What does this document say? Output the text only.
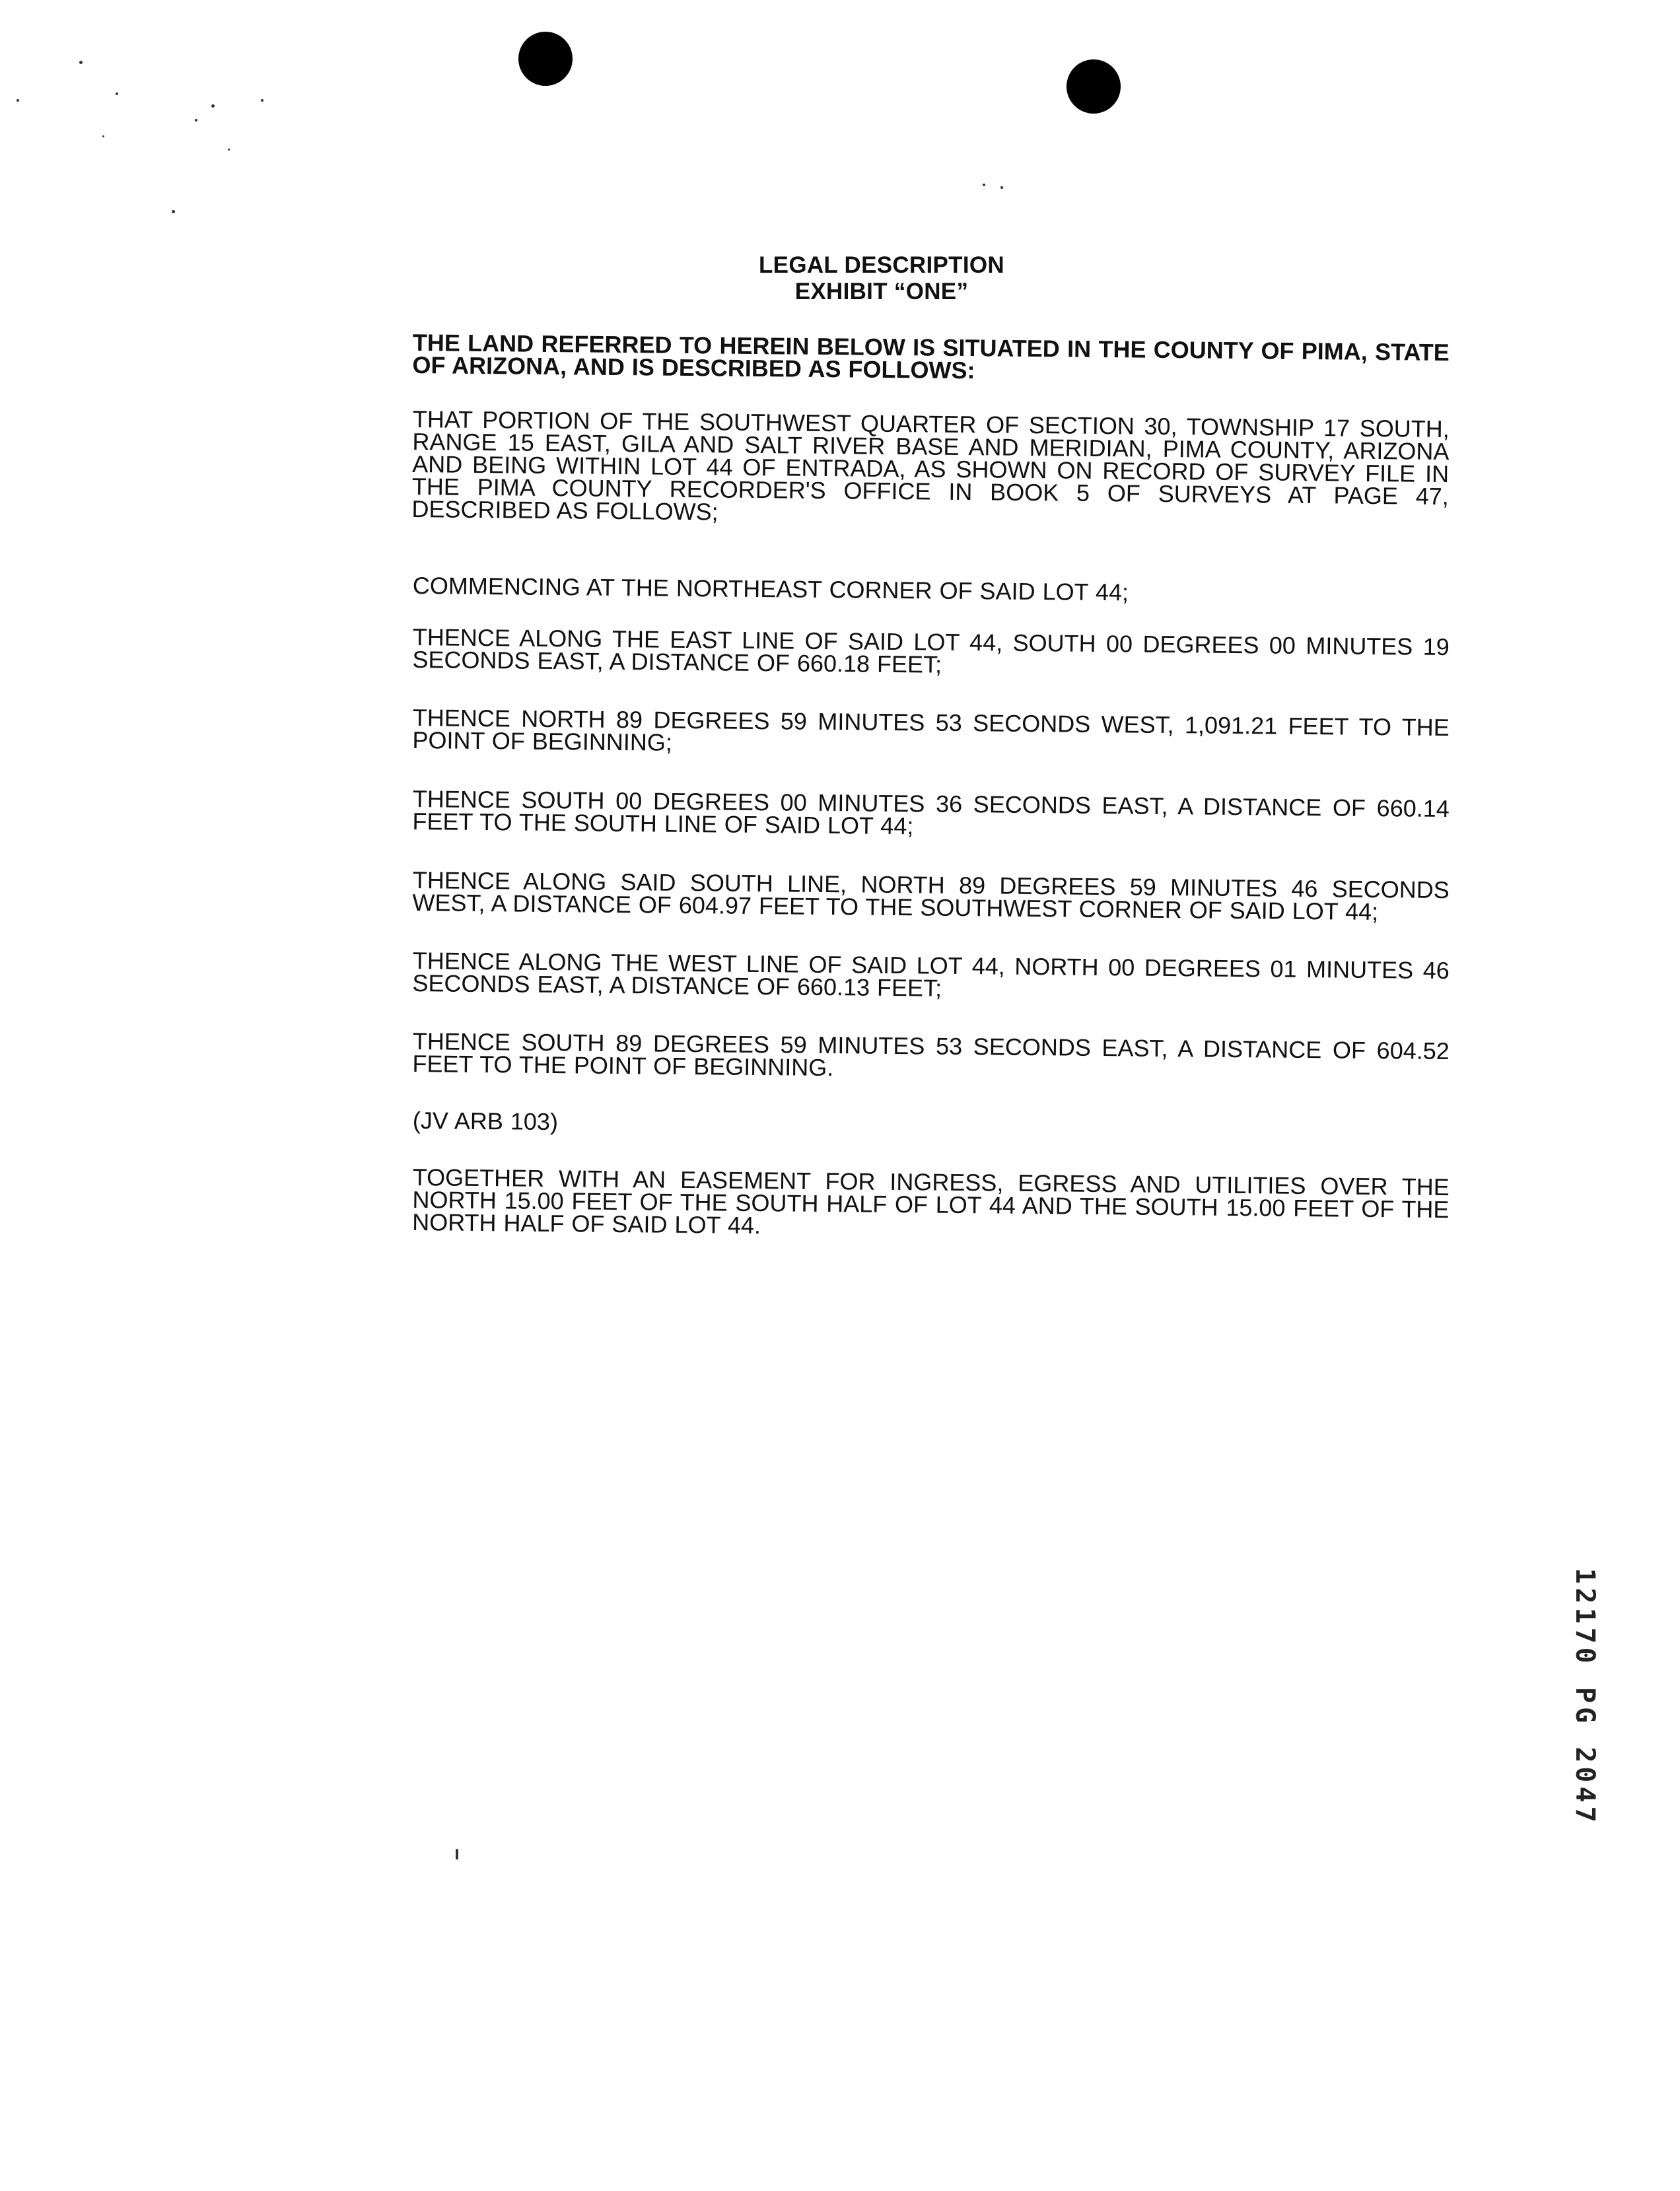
LEGAL DESCRIPTION
EXHIBIT “ONE”
THE LAND REFERRED TO HEREIN BELOW IS SITUATED IN THE COUNTY OF PIMA, STATE OF ARIZONA, AND IS DESCRIBED AS FOLLOWS:
THAT PORTION OF THE SOUTHWEST QUARTER OF SECTION 30, TOWNSHIP 17 SOUTH, RANGE 15 EAST, GILA AND SALT RIVER BASE AND MERIDIAN, PIMA COUNTY, ARIZONA AND BEING WITHIN LOT 44 OF ENTRADA, AS SHOWN ON RECORD OF SURVEY FILE IN THE PIMA COUNTY RECORDER'S OFFICE IN BOOK 5 OF SURVEYS AT PAGE 47, DESCRIBED AS FOLLOWS;
COMMENCING AT THE NORTHEAST CORNER OF SAID LOT 44;
THENCE ALONG THE EAST LINE OF SAID LOT 44, SOUTH 00 DEGREES 00 MINUTES 19 SECONDS EAST, A DISTANCE OF 660.18 FEET;
THENCE NORTH 89 DEGREES 59 MINUTES 53 SECONDS WEST, 1,091.21 FEET TO THE POINT OF BEGINNING;
THENCE SOUTH 00 DEGREES 00 MINUTES 36 SECONDS EAST, A DISTANCE OF 660.14 FEET TO THE SOUTH LINE OF SAID LOT 44;
THENCE ALONG SAID SOUTH LINE, NORTH 89 DEGREES 59 MINUTES 46 SECONDS WEST, A DISTANCE OF 604.97 FEET TO THE SOUTHWEST CORNER OF SAID LOT 44;
THENCE ALONG THE WEST LINE OF SAID LOT 44, NORTH 00 DEGREES 01 MINUTES 46 SECONDS EAST, A DISTANCE OF 660.13 FEET;
THENCE SOUTH 89 DEGREES 59 MINUTES 53 SECONDS EAST, A DISTANCE OF 604.52 FEET TO THE POINT OF BEGINNING.
(JV ARB 103)
TOGETHER WITH AN EASEMENT FOR INGRESS, EGRESS AND UTILITIES OVER THE NORTH 15.00 FEET OF THE SOUTH HALF OF LOT 44 AND THE SOUTH 15.00 FEET OF THE NORTH HALF OF SAID LOT 44.
12170 PG 2047
